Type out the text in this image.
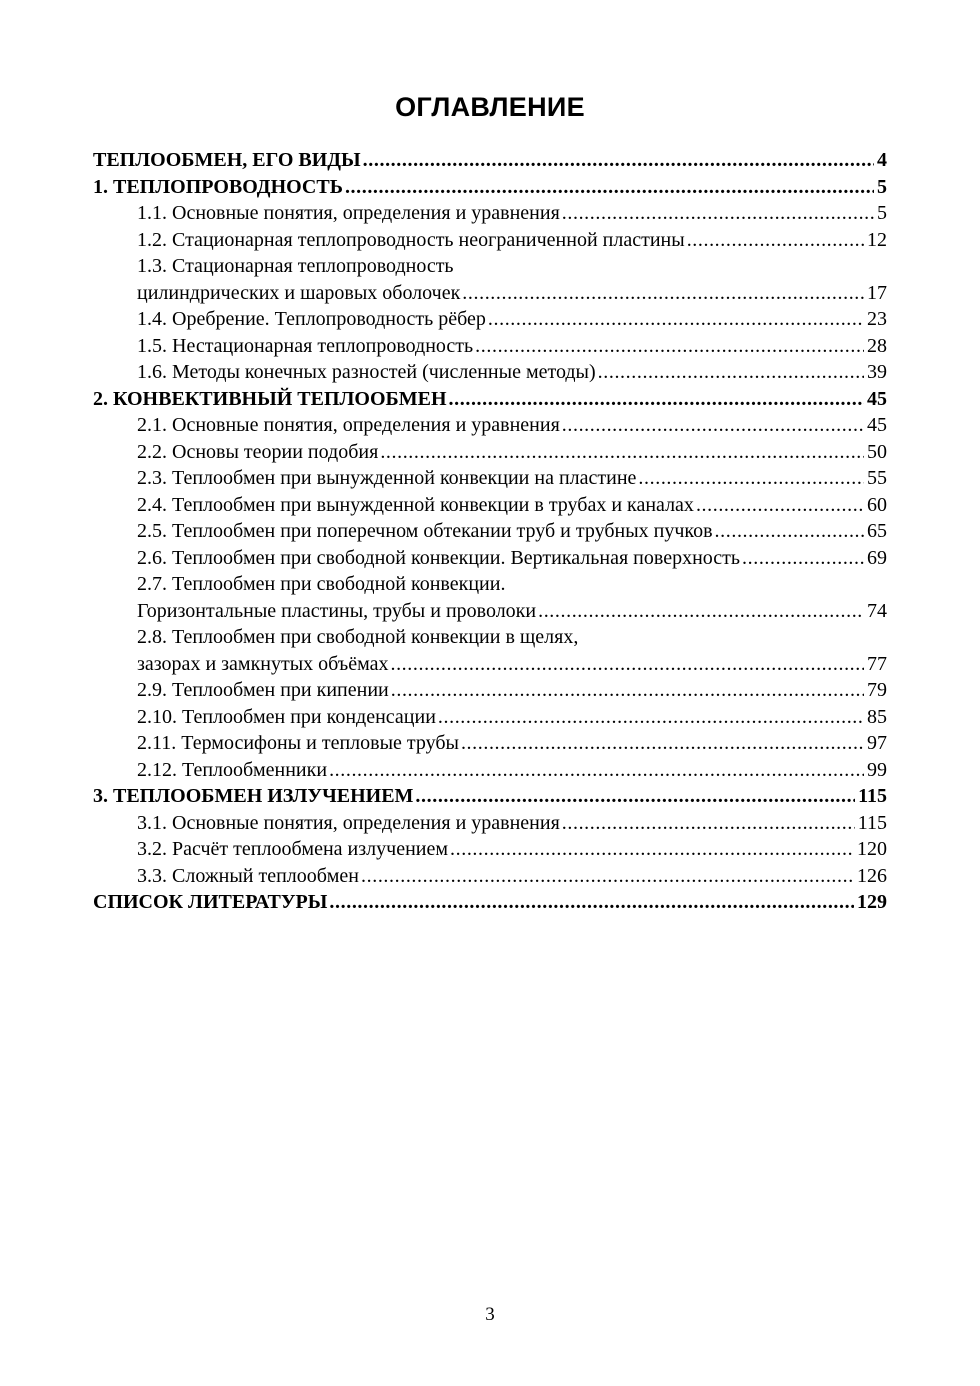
ОГЛАВЛЕНИЕ
ТЕПЛООБМЕН, ЕГО ВИДЫ .....	4
1. ТЕПЛОПРОВОДНОСТЬ .....	5
1.1. Основные понятия, определения и уравнения .....	5
1.2. Стационарная теплопроводность неограниченной пластины .....	12
1.3. Стационарная теплопроводность
цилиндрических и шаровых оболочек .....	17
1.4. Оребрение. Теплопроводность рёбер .....	23
1.5. Нестационарная теплопроводность .....	28
1.6. Методы конечных разностей (численные методы) .....	39
2. КОНВЕКТИВНЫЙ ТЕПЛООБМЕН .....	45
2.1. Основные понятия, определения и уравнения .....	45
2.2. Основы теории подобия .....	50
2.3. Теплообмен при вынужденной конвекции на пластине .....	55
2.4. Теплообмен при вынужденной конвекции в трубах и каналах .....	60
2.5. Теплообмен при поперечном обтекании труб и трубных пучков .....	65
2.6. Теплообмен при свободной конвекции. Вертикальная поверхность .....	69
2.7. Теплообмен при свободной конвекции.
Горизонтальные пластины, трубы и проволоки .....	74
2.8. Теплообмен при свободной конвекции в щелях,
зазорах и замкнутых объёмах .....	77
2.9. Теплообмен при кипении .....	79
2.10. Теплообмен при конденсации .....	85
2.11. Термосифоны и тепловые трубы .....	97
2.12. Теплообменники .....	99
3. ТЕПЛООБМЕН ИЗЛУЧЕНИЕМ .....	115
3.1. Основные понятия, определения и уравнения .....	115
3.2. Расчёт теплообмена излучением .....	120
3.3. Сложный теплообмен .....	126
СПИСОК ЛИТЕРАТУРЫ .....	129
3
